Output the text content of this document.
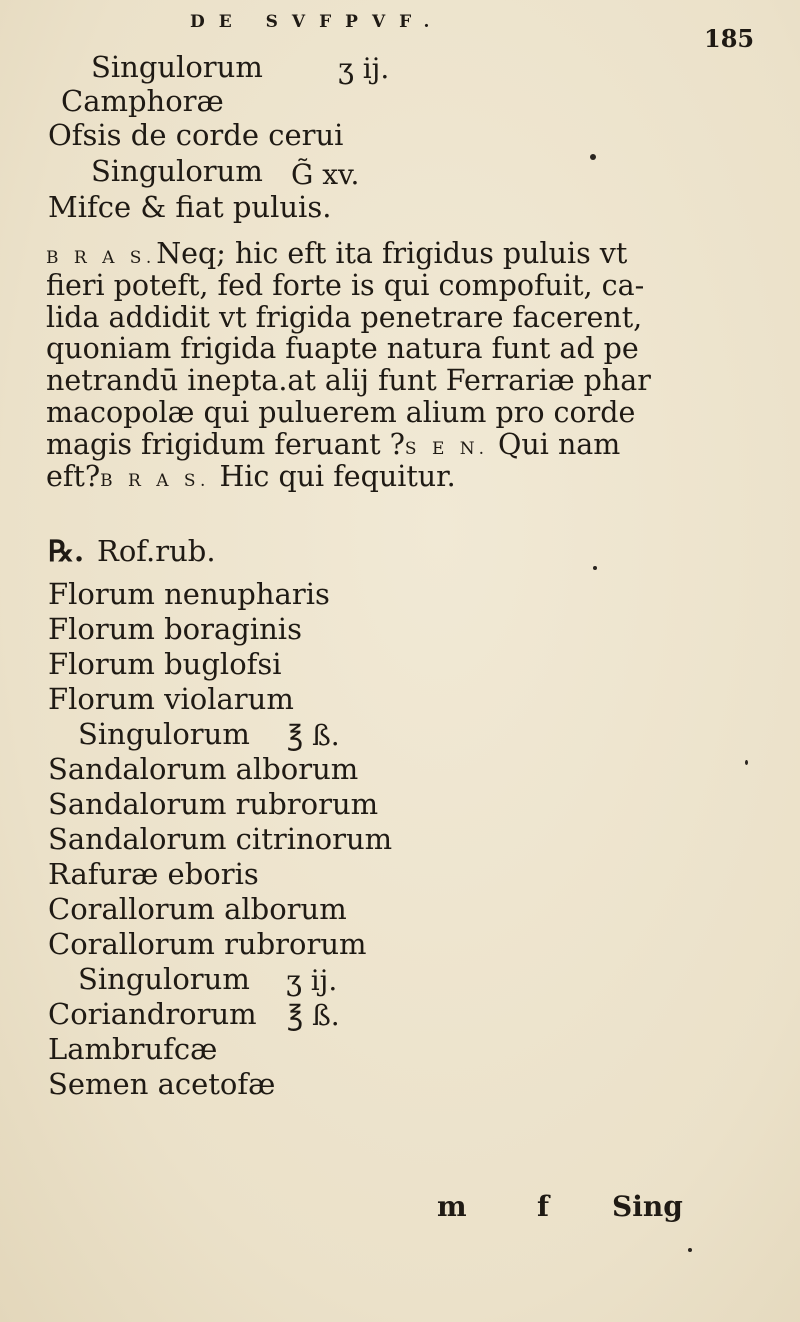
DE SVFPVF.
185
Singulorum	ʒ ij.
Camphoræ
Ofsis de corde cerui
Singulorum G̃ xv.
Mifce & fiat puluis.
B R A S.Neq; hic eft ita frigidus puluis vt
fieri poteft, fed forte is qui compofuit, ca-
lida addidit vt frigida penetrare facerent,
quoniam frigida fuapte natura funt ad pe
netrandū inepta.at alij funt Ferrariæ phar
macopolæ qui puluerem alium pro corde
magis frigidum feruant ?S E N. Qui nam
eft?B R A S. Hic qui fequitur.
℞. Rof.rub.
Florum nenupharis
Florum boraginis
Florum buglofsi
Florum violarum
Singulorum ℥ ß.
Sandalorum alborum
Sandalorum rubrorum
Sandalorum citrinorum
Rafuræ eboris
Corallorum alborum
Corallorum rubrorum
Singulorum ʒ ij.
Coriandrorum ℥ ß.
Lambrufcæ
Semen acetofæ
m	f Sing
